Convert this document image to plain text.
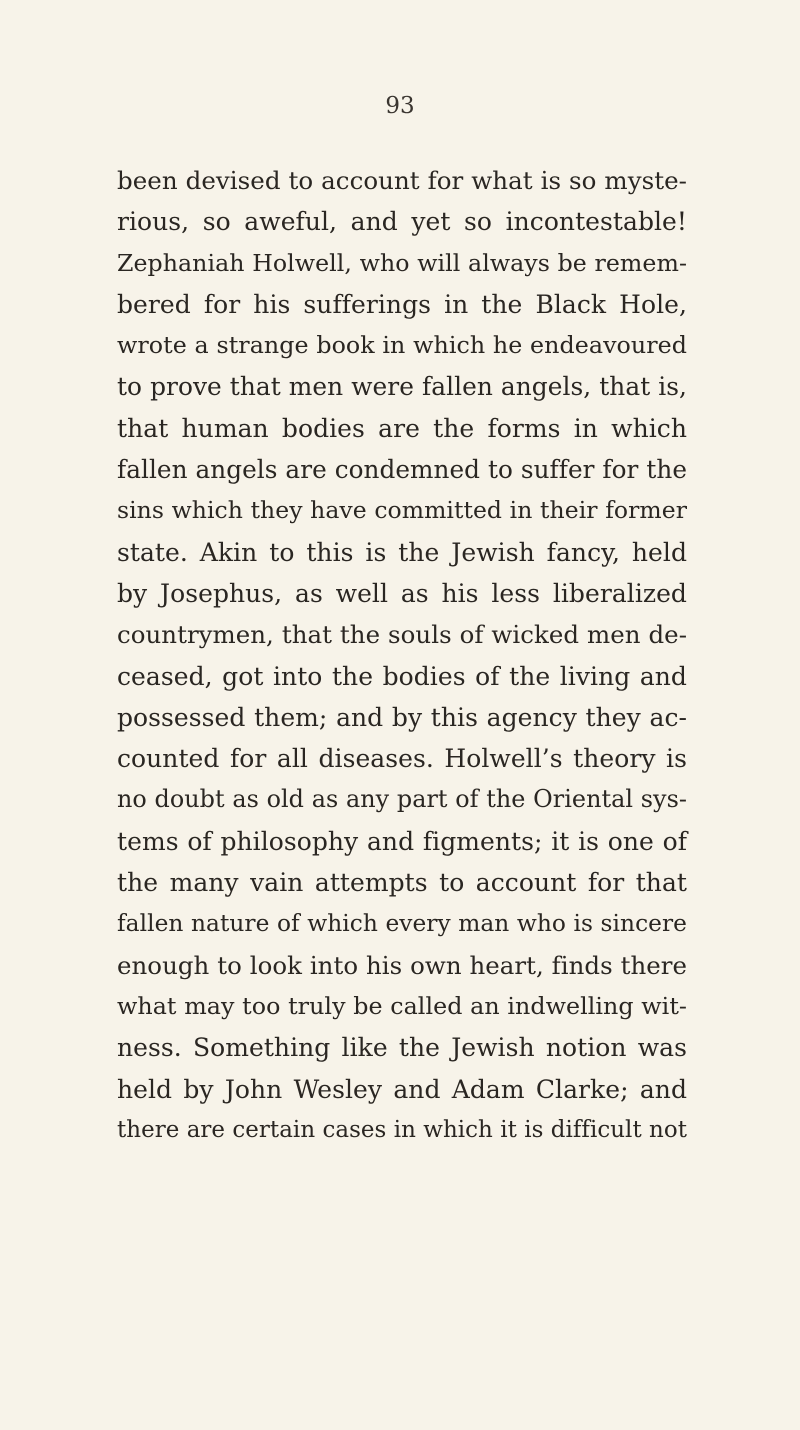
93
been devised to account for what is so myste-
rious, so aweful, and yet so incontestable!
Zephaniah Holwell, who will always be remem-
bered for his sufferings in the Black Hole,
wrote a strange book in which he endeavoured
to prove that men were fallen angels, that is,
that human bodies are the forms in which
fallen angels are condemned to suffer for the
sins which they have committed in their former
state. Akin to this is the Jewish fancy, held
by Josephus, as well as his less liberalized
countrymen, that the souls of wicked men de-
ceased, got into the bodies of the living and
possessed them; and by this agency they ac-
counted for all diseases. Holwell’s theory is
no doubt as old as any part of the Oriental sys-
tems of philosophy and figments; it is one of
the many vain attempts to account for that
fallen nature of which every man who is sincere
enough to look into his own heart, finds there
what may too truly be called an indwelling wit-
ness. Something like the Jewish notion was
held by John Wesley and Adam Clarke; and
there are certain cases in which it is difficult not
